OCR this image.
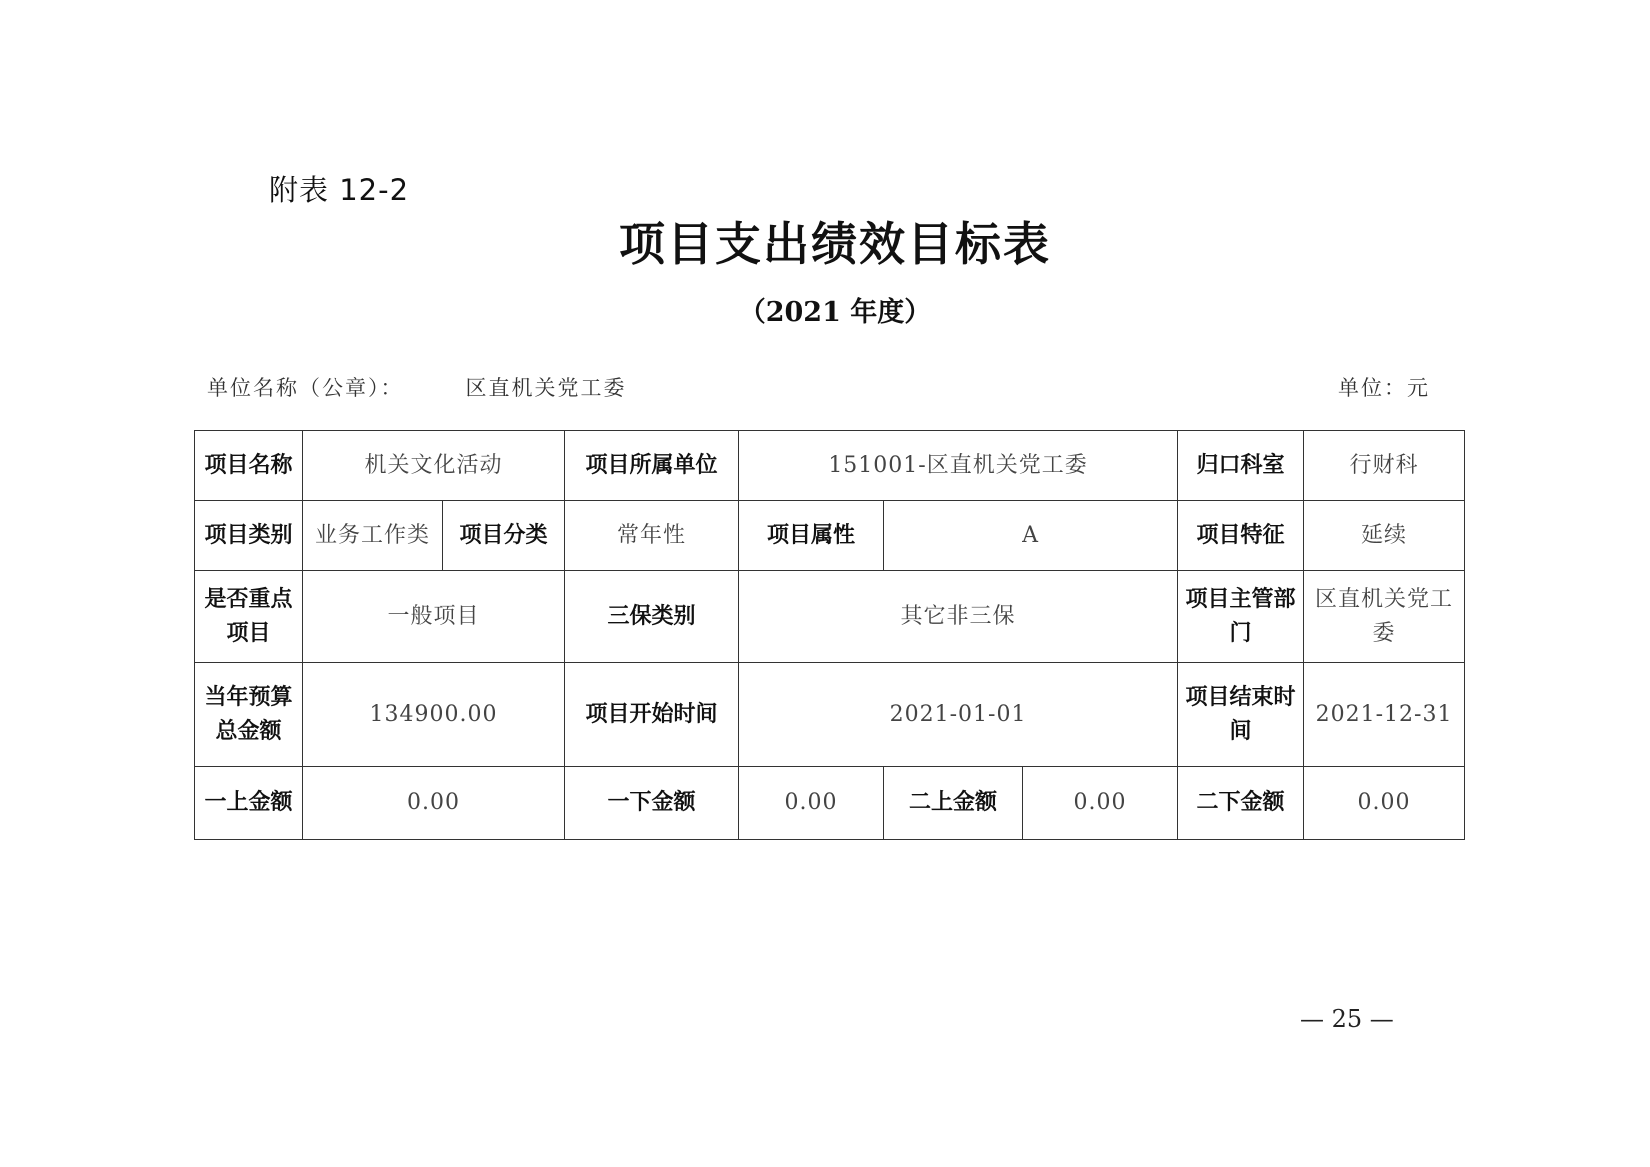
附表 12-2
项目支出绩效目标表
（2021 年度）
单位名称（公章）：	区直机关党工委	单位：元
项目名称	机关文化活动		项目所属单位	151001-区直机关党工委			归口科室	行财科
项目类别	业务工作类	项目分类	常年性	项目属性	A		项目特征	延续
是否重点项目	一般项目		三保类别	其它非三保			项目主管部门	区直机关党工委
当年预算总金额	134900.00		项目开始时间	2021-01-01			项目结束时间	2021-12-31
一上金额	0.00		一下金额	0.00	二上金额	0.00	二下金额	0.00
— 25 —
